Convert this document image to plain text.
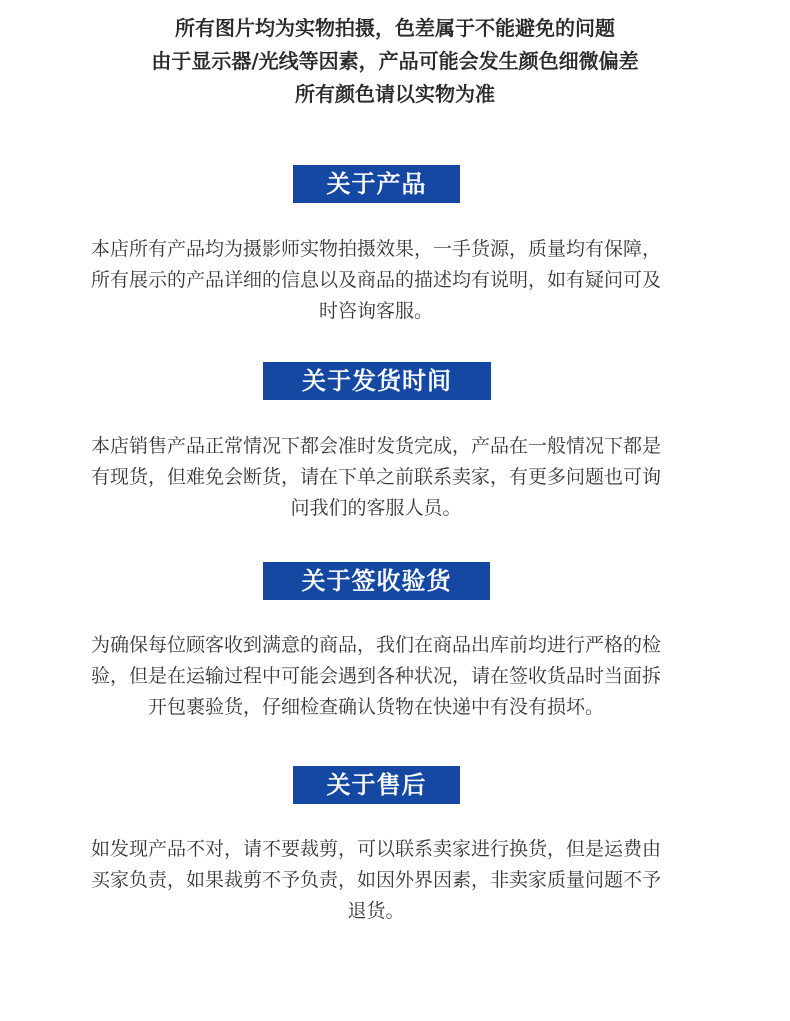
所有图片均为实物拍摄，色差属于不能避免的问题
由于显示器/光线等因素，产品可能会发生颜色细微偏差
所有颜色请以实物为准
关于产品
本店所有产品均为摄影师实物拍摄效果，一手货源，质量均有保障，
所有展示的产品详细的信息以及商品的描述均有说明，如有疑问可及
时咨询客服。
关于发货时间
本店销售产品正常情况下都会准时发货完成，产品在一般情况下都是
有现货，但难免会断货，请在下单之前联系卖家，有更多问题也可询
问我们的客服人员。
关于签收验货
为确保每位顾客收到满意的商品，我们在商品出库前均进行严格的检
验，但是在运输过程中可能会遇到各种状况，请在签收货品时当面拆
开包裹验货，仔细检查确认货物在快递中有没有损坏。
关于售后
如发现产品不对，请不要裁剪，可以联系卖家进行换货，但是运费由
买家负责，如果裁剪不予负责，如因外界因素，非卖家质量问题不予
退货。
